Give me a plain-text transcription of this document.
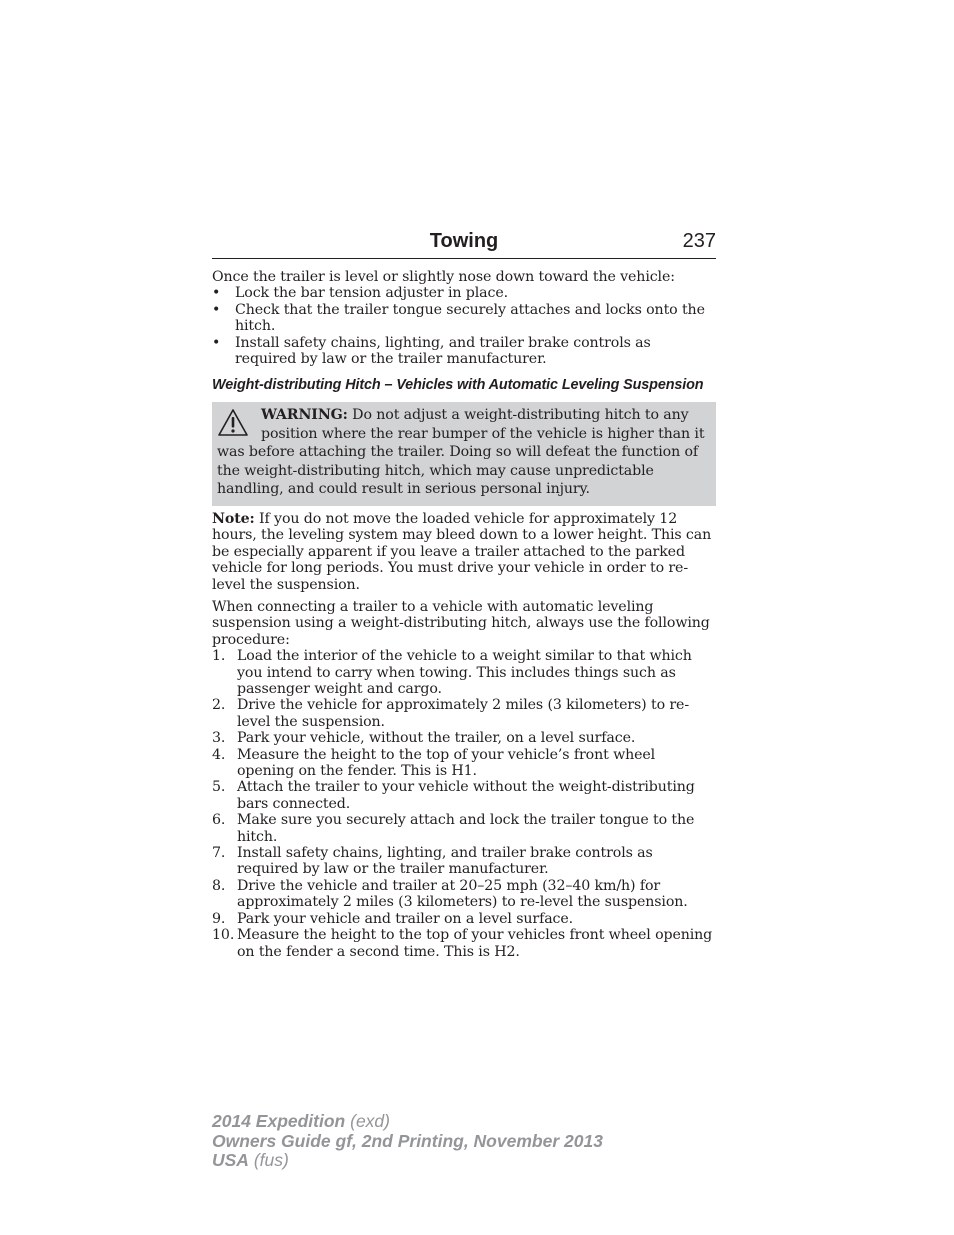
Towing	237

Once the trailer is level or slightly nose down toward the vehicle:

• Lock the bar tension adjuster in place.
• Check that the trailer tongue securely attaches and locks onto the hitch.
• Install safety chains, lighting, and trailer brake controls as required by law or the trailer manufacturer.
Weight-distributing Hitch – Vehicles with Automatic Leveling Suspension
WARNING: Do not adjust a weight-distributing hitch to any position where the rear bumper of the vehicle is higher than it was before attaching the trailer. Doing so will defeat the function of the weight-distributing hitch, which may cause unpredictable handling, and could result in serious personal injury.

Note: If you do not move the loaded vehicle for approximately 12 hours, the leveling system may bleed down to a lower height. This can be especially apparent if you leave a trailer attached to the parked vehicle for long periods. You must drive your vehicle in order to re-level the suspension.

When connecting a trailer to a vehicle with automatic leveling suspension using a weight-distributing hitch, always use the following procedure:

1. Load the interior of the vehicle to a weight similar to that which you intend to carry when towing. This includes things such as passenger weight and cargo.
2. Drive the vehicle for approximately 2 miles (3 kilometers) to re-level the suspension.
3. Park your vehicle, without the trailer, on a level surface.
4. Measure the height to the top of your vehicle’s front wheel opening on the fender. This is H1.
5. Attach the trailer to your vehicle without the weight-distributing bars connected.
6. Make sure you securely attach and lock the trailer tongue to the hitch.
7. Install safety chains, lighting, and trailer brake controls as required by law or the trailer manufacturer.
8. Drive the vehicle and trailer at 20–25 mph (32–40 km/h) for approximately 2 miles (3 kilometers) to re-level the suspension.
9. Park your vehicle and trailer on a level surface.
10. Measure the height to the top of your vehicles front wheel opening on the fender a second time. This is H2.
2014 Expedition (exd)
Owners Guide gf, 2nd Printing, November 2013
USA (fus)
